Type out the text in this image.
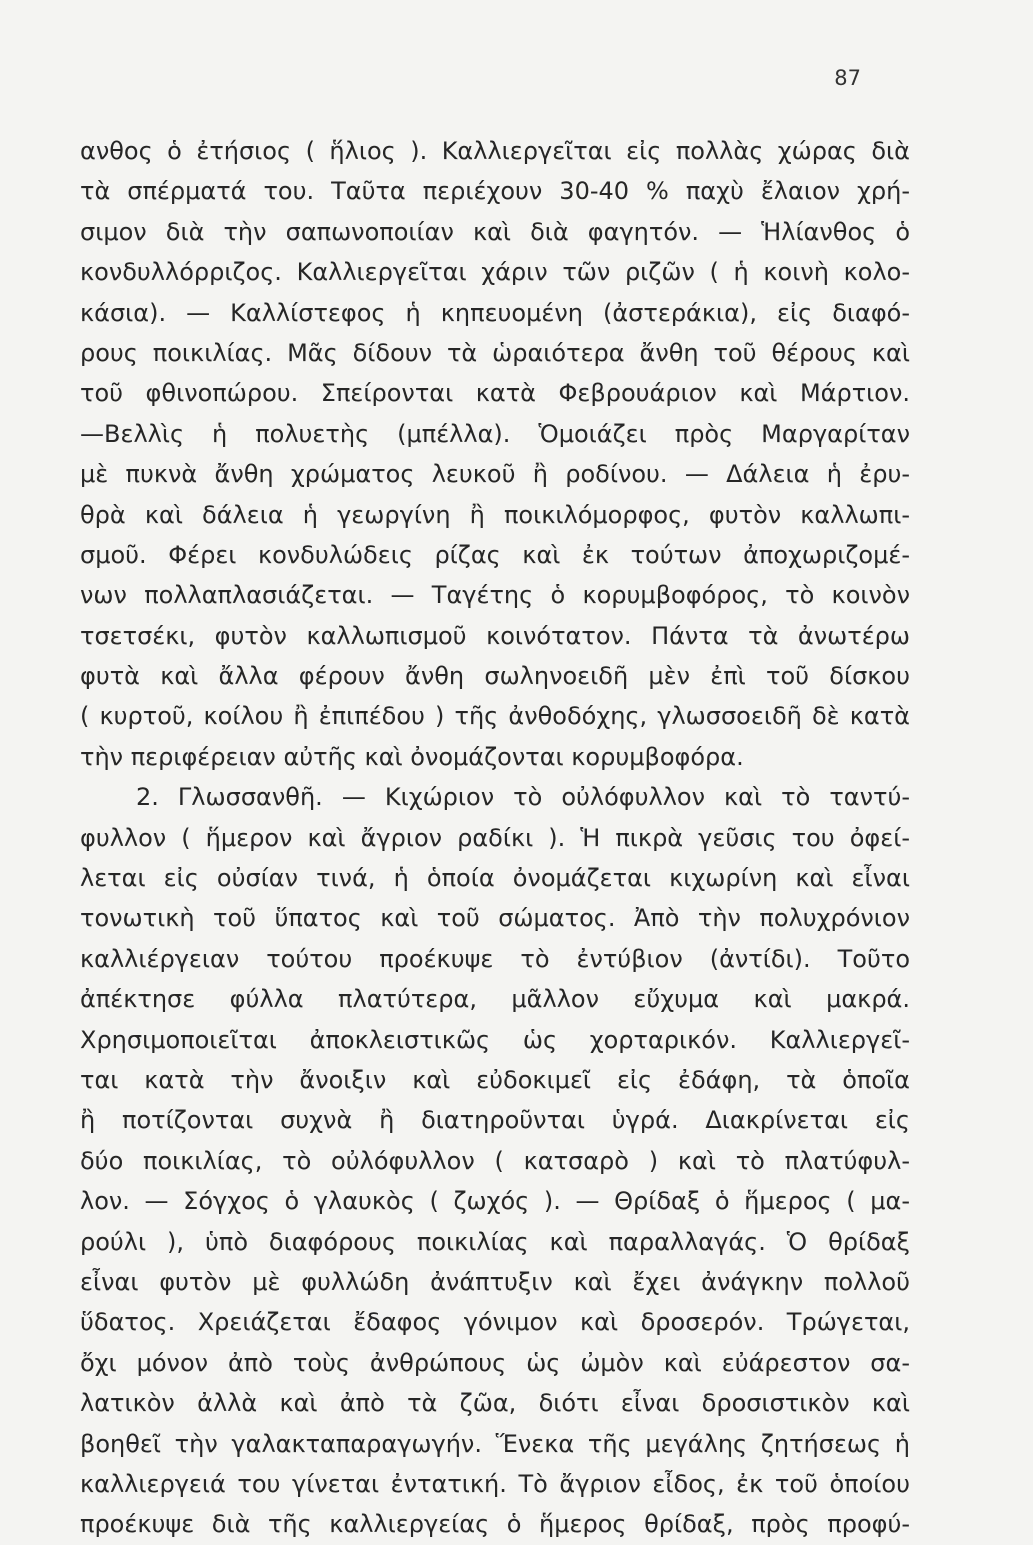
87
ανθος ὁ ἐτήσιος ( ἥλιος ). Καλλιεργεῖται εἰς πολλὰς χώρας διὰ
τὰ σπέρματά του. Ταῦτα περιέχουν 30-40 % παχὺ ἔλαιον χρή-
σιμον διὰ τὴν σαπωνοποιίαν καὶ διὰ φαγητόν. — Ἡλίανθος ὁ
κονδυλλόρριζος. Καλλιεργεῖται χάριν τῶν ριζῶν ( ἡ κοινὴ κολο-
κάσια). — Καλλίστεφος ἡ κηπευομένη (ἀστεράκια), εἰς διαφό-
ρους ποικιλίας. Μᾶς δίδουν τὰ ὡραιότερα ἄνθη τοῦ θέρους καὶ
τοῦ φθινοπώρου. Σπείρονται κατὰ Φεβρουάριον καὶ Μάρτιον.
—Βελλὶς ἡ πολυετὴς (μπέλλα). Ὁμοιάζει πρὸς Μαργαρίταν
μὲ πυκνὰ ἄνθη χρώματος λευκοῦ ἢ ροδίνου. — Δάλεια ἡ ἐρυ-
θρὰ καὶ δάλεια ἡ γεωργίνη ἢ ποικιλόμορφος, φυτὸν καλλωπι-
σμοῦ. Φέρει κονδυλώδεις ρίζας καὶ ἐκ τούτων ἀποχωριζομέ-
νων πολλαπλασιάζεται. — Ταγέτης ὁ κορυμβοφόρος, τὸ κοινὸν
τσετσέκι, φυτὸν καλλωπισμοῦ κοινότατον. Πάντα τὰ ἀνωτέρω
φυτὰ καὶ ἄλλα φέρουν ἄνθη σωληνοειδῆ μὲν ἐπὶ τοῦ δίσκου
( κυρτοῦ, κοίλου ἢ ἐπιπέδου ) τῆς ἀνθοδόχης, γλωσσοειδῆ δὲ κατὰ
τὴν περιφέρειαν αὐτῆς καὶ ὀνομάζονται κορυμβοφόρα.
2. Γλωσσανθῆ. — Κιχώριον τὸ οὐλόφυλλον καὶ τὸ ταντύ-
φυλλον ( ἥμερον καὶ ἄγριον ραδίκι ). Ἡ πικρὰ γεῦσις του ὀφεί-
λεται εἰς οὐσίαν τινά, ἡ ὁποία ὀνομάζεται κιχωρίνη καὶ εἶναι
τονωτικὴ τοῦ ὕπατος καὶ τοῦ σώματος. Ἀπὸ τὴν πολυχρόνιον
καλλιέργειαν τούτου προέκυψε τὸ ἐντύβιον (ἀντίδι). Τοῦτο
ἀπέκτησε φύλλα πλατύτερα, μᾶλλον εὔχυμα καὶ μακρά.
Χρησιμοποιεῖται ἀποκλειστικῶς ὡς χορταρικόν. Καλλιεργεῖ-
ται κατὰ τὴν ἄνοιξιν καὶ εὐδοκιμεῖ εἰς ἐδάφη, τὰ ὁποῖα
ἢ ποτίζονται συχνὰ ἢ διατηροῦνται ὑγρά. Διακρίνεται εἰς
δύο ποικιλίας, τὸ οὐλόφυλλον ( κατσαρὸ ) καὶ τὸ πλατύφυλ-
λον. — Σόγχος ὁ γλαυκὸς ( ζωχός ). — Θρίδαξ ὁ ἥμερος ( μα-
ρούλι ), ὑπὸ διαφόρους ποικιλίας καὶ παραλλαγάς. Ὁ θρίδαξ
εἶναι φυτὸν μὲ φυλλώδη ἀνάπτυξιν καὶ ἔχει ἀνάγκην πολλοῦ
ὕδατος. Χρειάζεται ἔδαφος γόνιμον καὶ δροσερόν. Τρώγεται,
ὄχι μόνον ἀπὸ τοὺς ἀνθρώπους ὡς ὠμὸν καὶ εὐάρεστον σα-
λατικὸν ἀλλὰ καὶ ἀπὸ τὰ ζῶα, διότι εἶναι δροσιστικὸν καὶ
βοηθεῖ τὴν γαλακταπαραγωγήν. Ἕνεκα τῆς μεγάλης ζητήσεως ἡ
καλλιεργειά του γίνεται ἐντατική. Τὸ ἄγριον εἶδος, ἐκ τοῦ ὁποίου
προέκυψε διὰ τῆς καλλιεργείας ὁ ἥμερος θρίδαξ, πρὸς προφύ-
